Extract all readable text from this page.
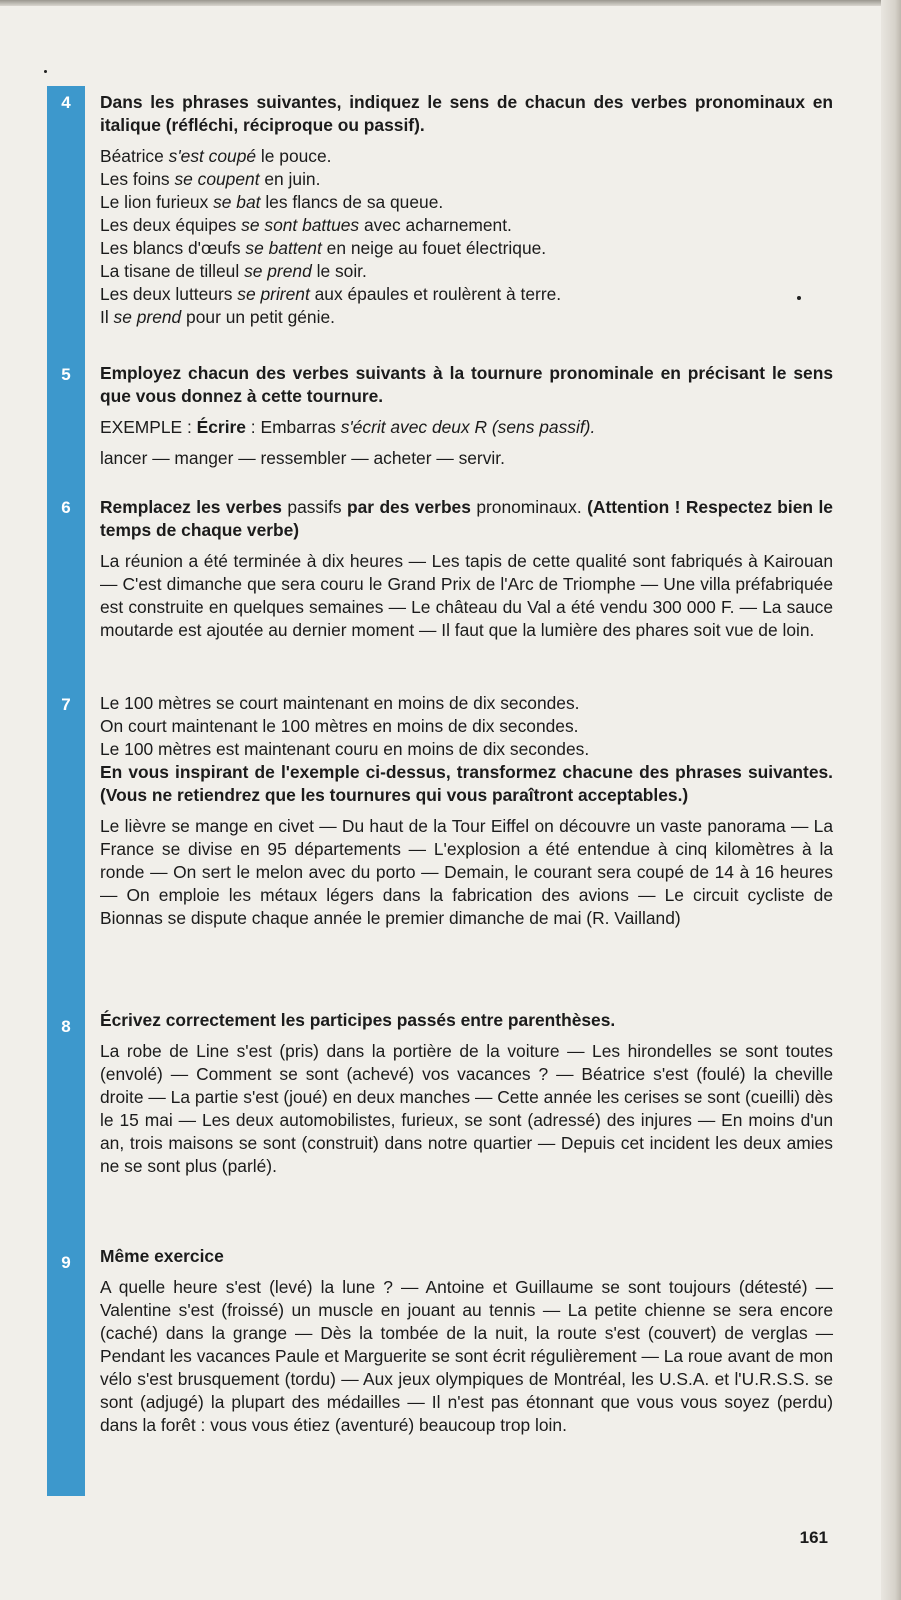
4	Dans les phrases suivantes, indiquez le sens de chacun des verbes pronominaux en italique (réfléchi, réciproque ou passif).

Béatrice s'est coupé le pouce.

Les foins se coupent en juin.

Le lion furieux se bat les flancs de sa queue.

Les deux équipes se sont battues avec acharnement.

Les blancs d'œufs se battent en neige au fouet électrique.

La tisane de tilleul se prend le soir.

Les deux lutteurs se prirent aux épaules et roulèrent à terre.

Il se prend pour un petit génie.

5	Employez chacun des verbes suivants à la tournure pronominale en précisant le sens que vous donnez à cette tournure.

EXEMPLE : Écrire : Embarras s'écrit avec deux R (sens passif).

lancer — manger — ressembler — acheter — servir.

6	Remplacez les verbes passifs par des verbes pronominaux. (Attention ! Respectez bien le temps de chaque verbe)

La réunion a été terminée à dix heures — Les tapis de cette qualité sont fabriqués à Kairouan — C'est dimanche que sera couru le Grand Prix de l'Arc de Triomphe — Une villa préfabriquée est construite en quelques semaines — Le château du Val a été vendu 300 000 F. — La sauce moutarde est ajoutée au dernier moment — Il faut que la lumière des phares soit vue de loin.

7	Le 100 mètres se court maintenant en moins de dix secondes.

On court maintenant le 100 mètres en moins de dix secondes.

Le 100 mètres est maintenant couru en moins de dix secondes.

En vous inspirant de l'exemple ci-dessus, transformez chacune des phrases suivantes. (Vous ne retiendrez que les tournures qui vous paraîtront acceptables.)

Le lièvre se mange en civet — Du haut de la Tour Eiffel on découvre un vaste panorama — La France se divise en 95 départements — L'explosion a été entendue à cinq kilomètres à la ronde — On sert le melon avec du porto — Demain, le courant sera coupé de 14 à 16 heures — On emploie les métaux légers dans la fabrication des avions — Le circuit cycliste de Bionnas se dispute chaque année le premier dimanche de mai (R. Vailland)

8	Écrivez correctement les participes passés entre parenthèses.

La robe de Line s'est (pris) dans la portière de la voiture — Les hirondelles se sont toutes (envolé) — Comment se sont (achevé) vos vacances ? — Béatrice s'est (foulé) la cheville droite — La partie s'est (joué) en deux manches — Cette année les cerises se sont (cueilli) dès le 15 mai — Les deux automobilistes, furieux, se sont (adressé) des injures — En moins d'un an, trois maisons se sont (construit) dans notre quartier — Depuis cet incident les deux amies ne se sont plus (parlé).

9	Même exercice

A quelle heure s'est (levé) la lune ? — Antoine et Guillaume se sont toujours (détesté) — Valentine s'est (froissé) un muscle en jouant au tennis — La petite chienne se sera encore (caché) dans la grange — Dès la tombée de la nuit, la route s'est (couvert) de verglas — Pendant les vacances Paule et Marguerite se sont écrit régulièrement — La roue avant de mon vélo s'est brusquement (tordu) — Aux jeux olympiques de Montréal, les U.S.A. et l'U.R.S.S. se sont (adjugé) la plupart des médailles — Il n'est pas étonnant que vous vous soyez (perdu) dans la forêt : vous vous étiez (aventuré) beaucoup trop loin.

161
